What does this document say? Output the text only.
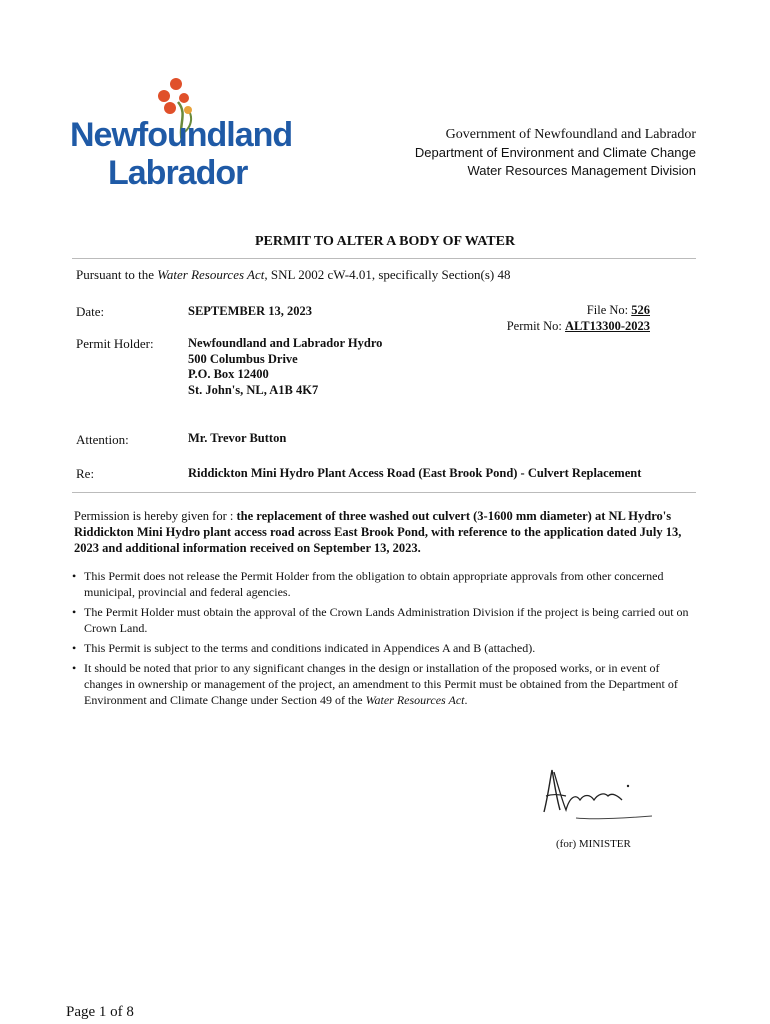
Newfoundland
Labrador
Government of Newfoundland and Labrador
Department of Environment and Climate Change
Water Resources Management Division
PERMIT TO ALTER A BODY OF WATER
Pursuant to the Water Resources Act, SNL 2002 cW-4.01, specifically Section(s) 48
Date:	SEPTEMBER 13, 2023	File No: 526
Permit No: ALT13300-2023
Permit Holder:	Newfoundland and Labrador Hydro
500 Columbus Drive
P.O. Box 12400
St. John's, NL, A1B 4K7
Attention:	Mr. Trevor Button
Re:	Riddickton Mini Hydro Plant Access Road (East Brook Pond) - Culvert Replacement
Permission is hereby given for : the replacement of three washed out culvert (3-1600 mm diameter) at NL Hydro's Riddickton Mini Hydro plant access road across East Brook Pond, with reference to the application dated July 13, 2023 and additional information received on September 13, 2023.
• This Permit does not release the Permit Holder from the obligation to obtain appropriate approvals from other concerned municipal, provincial and federal agencies.
• The Permit Holder must obtain the approval of the Crown Lands Administration Division if the project is being carried out on Crown Land.
• This Permit is subject to the terms and conditions indicated in Appendices A and B (attached).
• It should be noted that prior to any significant changes in the design or installation of the proposed works, or in event of changes in ownership or management of the project, an amendment to this Permit must be obtained from the Department of Environment and Climate Change under Section 49 of the Water Resources Act.
(for) MINISTER
Page 1 of 8
